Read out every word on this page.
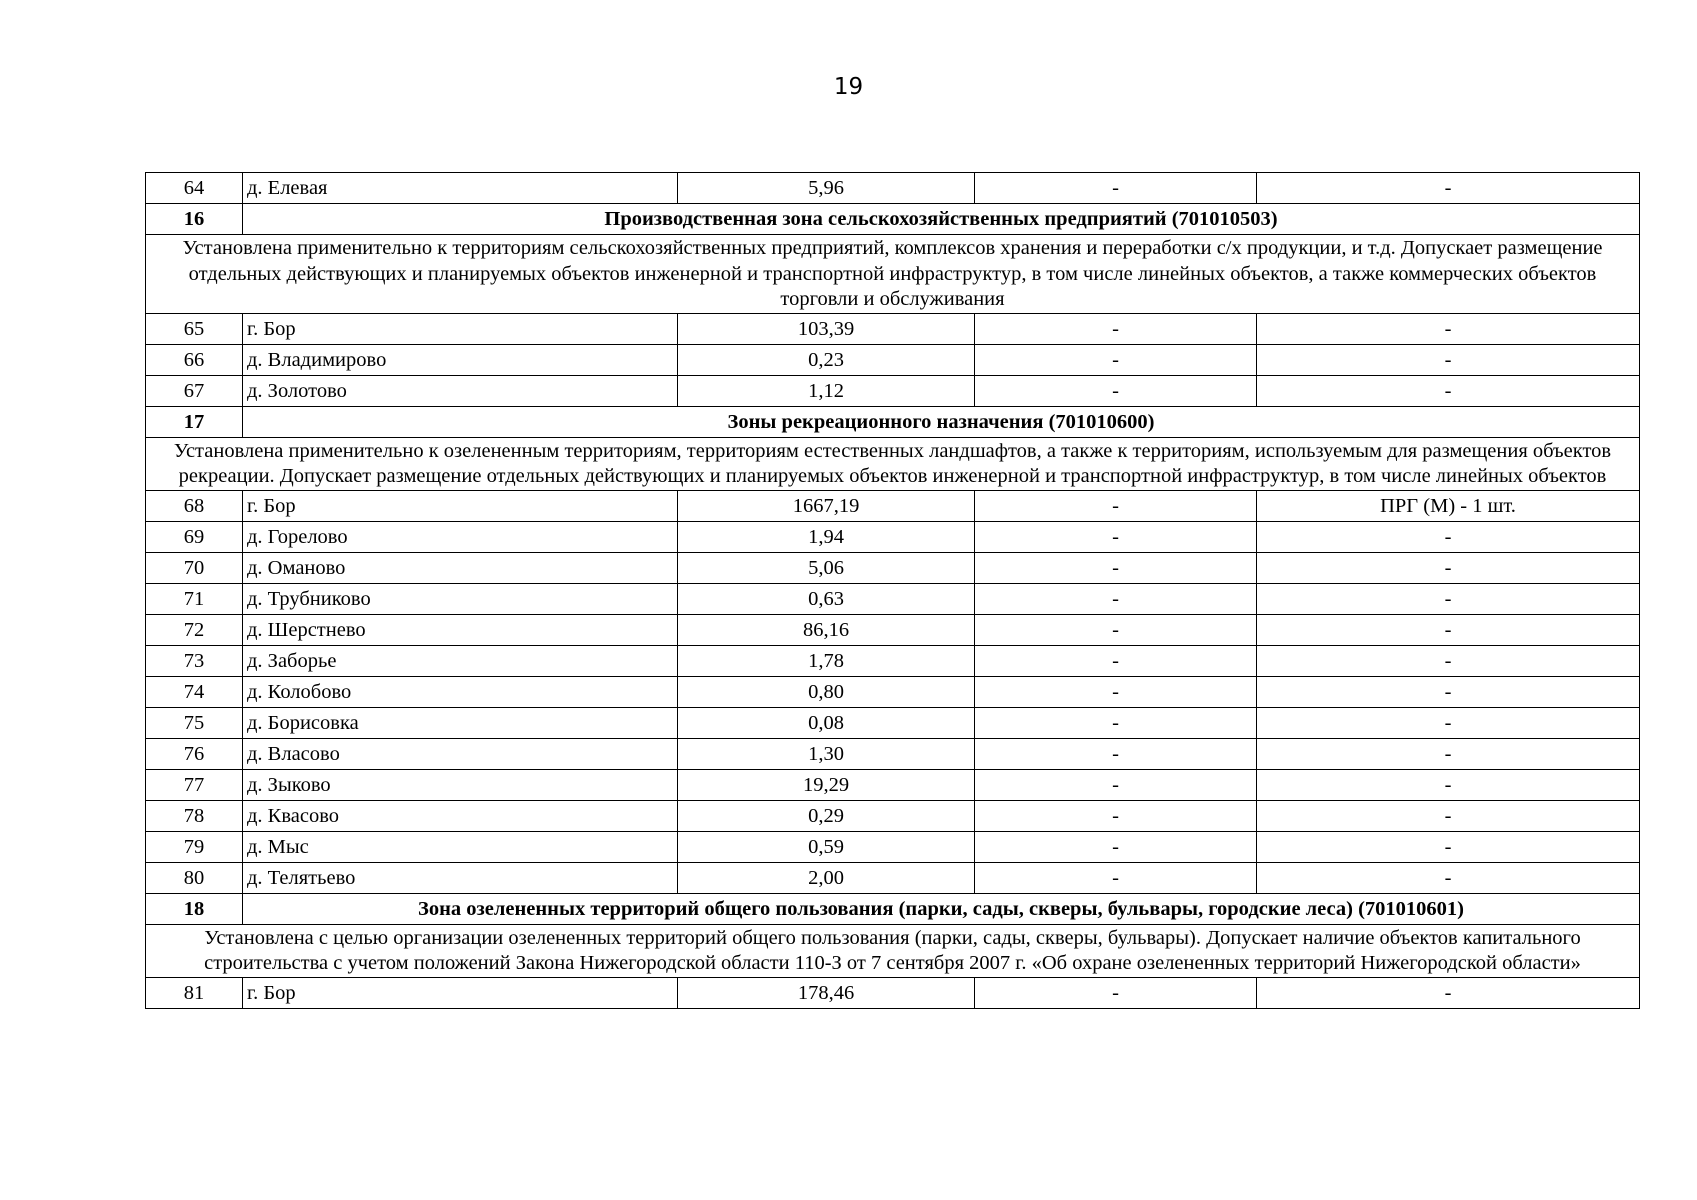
19
64	д. Елевая	5,96	-	-
16	Производственная зона сельскохозяйственных предприятий (701010503)			
Установлена применительно к территориям сельскохозяйственных предприятий, комплексов хранения и переработки с/х продукции, и т.д. Допускает размещение отдельных действующих и планируемых объектов инженерной и транспортной инфраструктур, в том числе линейных объектов, а также коммерческих объектов торговли и обслуживания				
65	г. Бор	103,39	-	-
66	д. Владимирово	0,23	-	-
67	д. Золотово	1,12	-	-
17	Зоны рекреационного назначения (701010600)			
Установлена применительно к озелененным территориям, территориям естественных ландшафтов, а также к территориям, используемым для размещения объектов рекреации. Допускает размещение отдельных действующих и планируемых объектов инженерной и транспортной инфраструктур, в том числе линейных объектов				
68	г. Бор	1667,19	-	ПРГ (М) - 1 шт.
69	д. Горелово	1,94	-	-
70	д. Оманово	5,06	-	-
71	д. Трубниково	0,63	-	-
72	д. Шерстнево	86,16	-	-
73	д. Заборье	1,78	-	-
74	д. Колобово	0,80	-	-
75	д. Борисовка	0,08	-	-
76	д. Власово	1,30	-	-
77	д. Зыково	19,29	-	-
78	д. Квасово	0,29	-	-
79	д. Мыс	0,59	-	-
80	д. Телятьево	2,00	-	-
18	Зона озелененных территорий общего пользования (парки, сады, скверы, бульвары, городские леса) (701010601)			
Установлена с целью организации озелененных территорий общего пользования (парки, сады, скверы, бульвары). Допускает наличие объектов капитального строительства с учетом положений Закона Нижегородской области 110-З от 7 сентября 2007 г. «Об охране озелененных территорий Нижегородской области»				
81	г. Бор	178,46	-	-
